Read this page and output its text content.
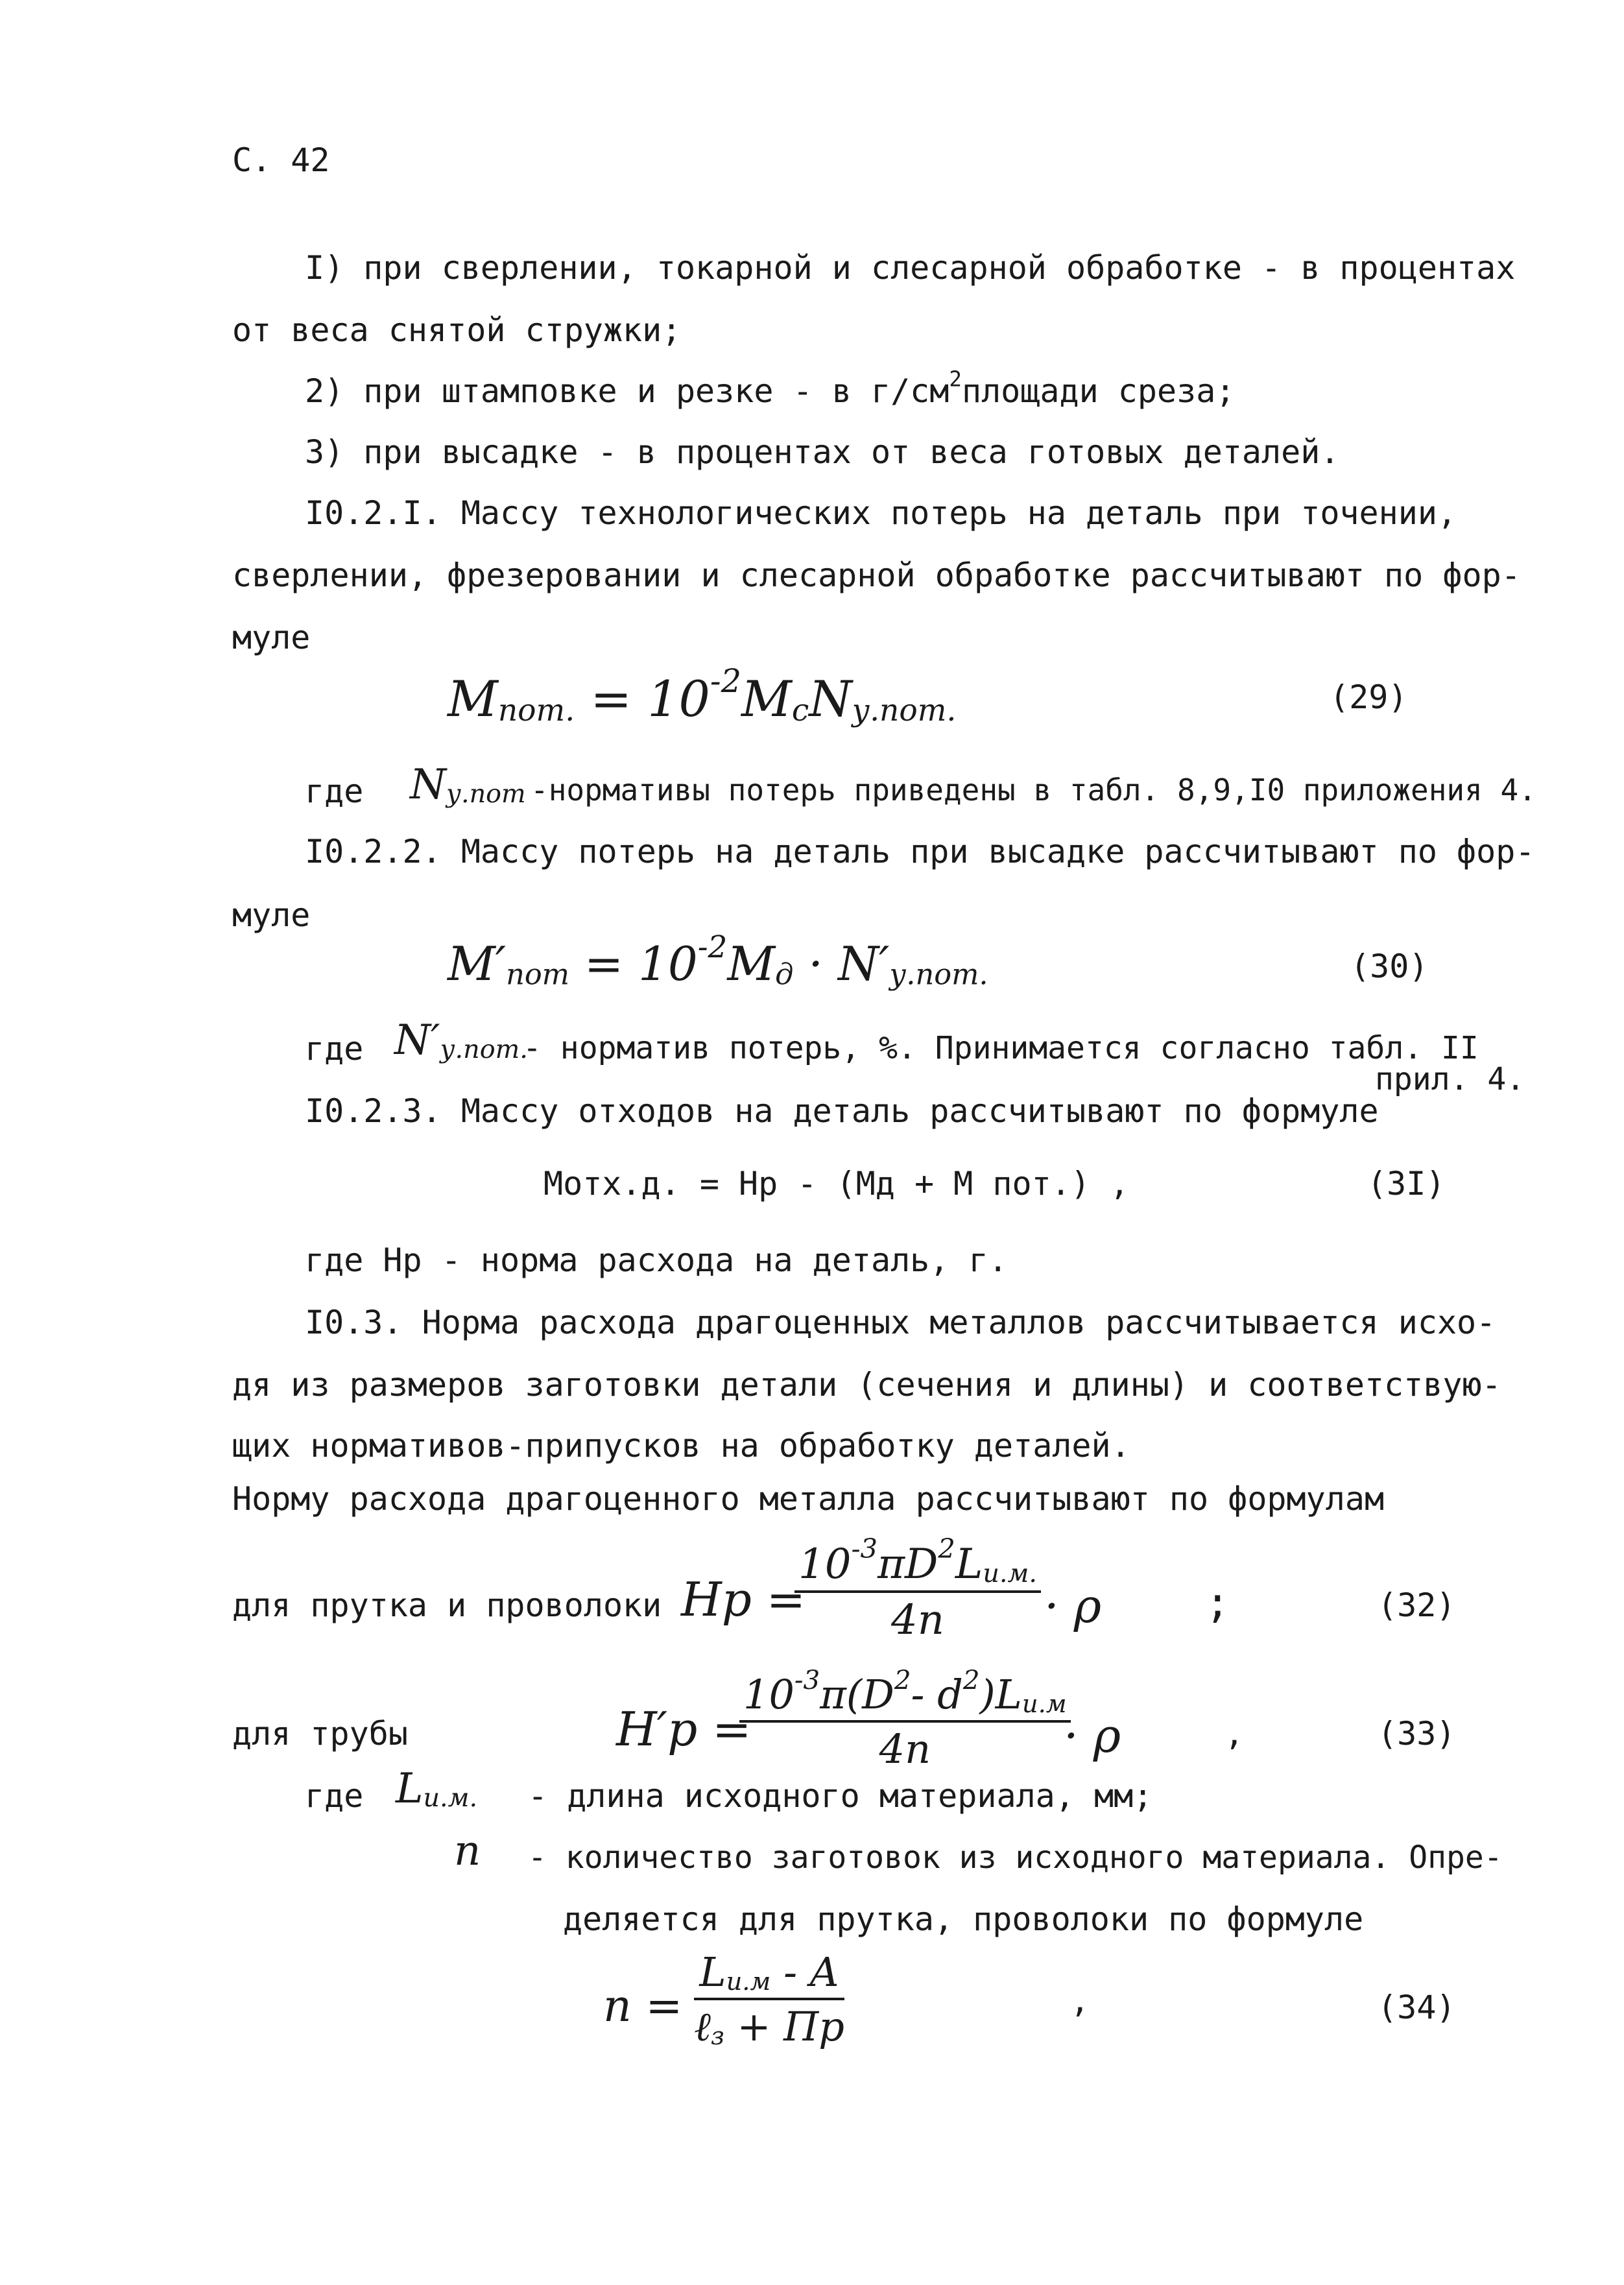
С. 42
I) при сверлении, токарной и слесарной обработке - в процентах
от веса снятой стружки;
2) при штамповке и резке - в $г/см^2площади$ среза;
3) при высадке - в процентах от веса готовых деталей.
I0.2.I. Массу технологических потерь на деталь при точении,
сверлении, фрезеровании и слесарной обработке рассчитывают по фор-
муле
$M_{пот.} = 10^{-2}M_cN_{у.пот.}$	(29)
где $N_{у.пот}$ -нормативы потерь приведены в табл. 8,9,I0 приложения 4.
I0.2.2. Массу потерь на деталь при высадке рассчитывают по фор-
муле
$M'_{пот} = 10^{-2}M_д \cdot N'_{у.пот.}$	(30)
где $N'_{у.пот.}$
- норматив потерь, %. Принимается согласно табл. II
прил. 4.
I0.2.3. Массу отходов на деталь рассчитывают по формуле
Мотх.д. = Нр - (Мд + М пот.) ,	(3I)
где Нр - норма расхода на деталь, г.
I0.3. Норма расхода драгоценных металлов рассчитывается исхо-
дя из размеров заготовки детали (сечения и длины) и соответствую-
щих нормативов-припусков на обработку деталей.
Норму расхода драгоценного металла рассчитывают по формулам
для прутка и проволоки Нр =
$10^{-3}\pi D^2L_{и.м.}$
4n	· ρ ;	(32)
для трубы	Н′р =
$10^{-3}\pi(D^2-$ $d^2)L_{и.м}$
4n	· ρ	,	(33)
где $L_{и.м.}$ - длина исходного материала, мм;
n - количество заготовок из исходного материала. Опре-
деляется для прутка, проволоки по формуле
n =
$L_{и.м}$ - A
ℓ$_з$ + Пр
,	(34)
